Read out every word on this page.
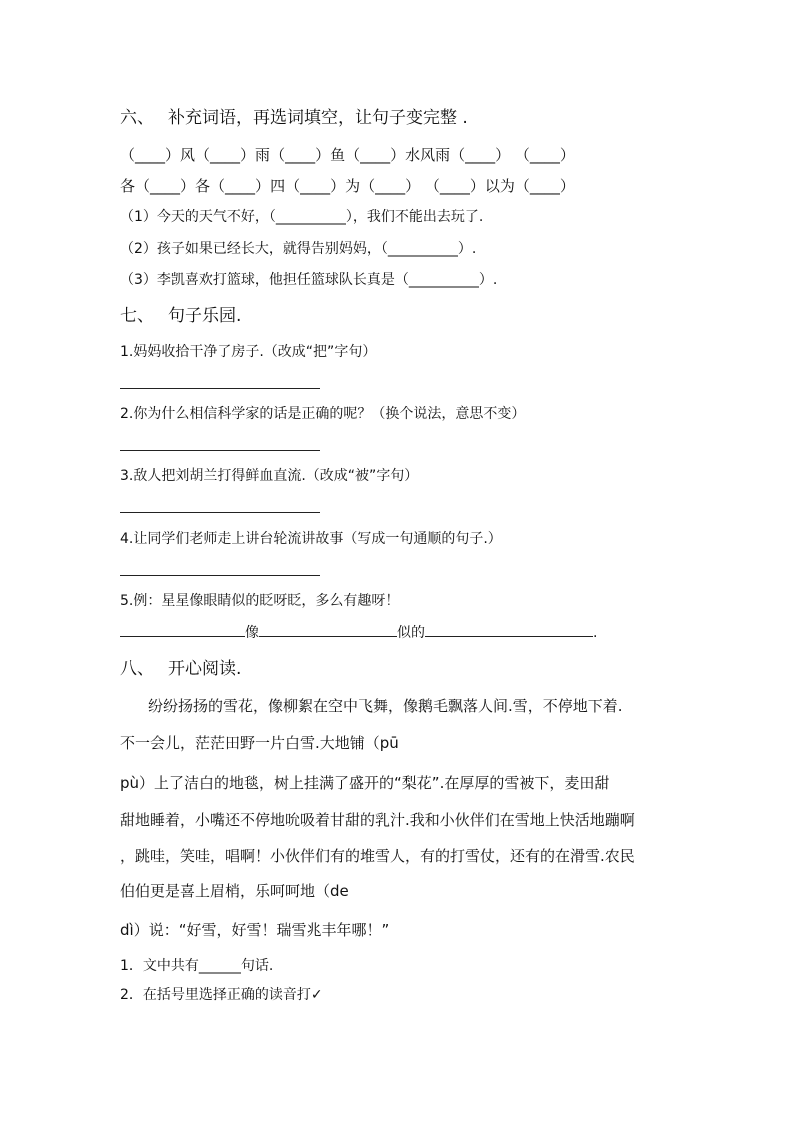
六、 补充词语，再选词填空，让句子变完整 .
（____）风（____）雨（____）鱼（____）水风雨（____） （____）
各（____）各（____）四（____）为（____） （____）以为（____）
（1）今天的天气不好，（__________），我们不能出去玩了.
（2）孩子如果已经长大，就得告别妈妈，（__________）.
（3）李凯喜欢打篮球，他担任篮球队长真是（__________）.
七、 句子乐园.
1.妈妈收拾干净了房子.（改成“把”字句）
2.你为什么相信科学家的话是正确的呢？（换个说法，意思不变）
3.敌人把刘胡兰打得鲜血直流.（改成“被”字句）
4.让同学们老师走上讲台轮流讲故事（写成一句通顺的句子.）
5.例：星星像眼睛似的眨呀眨，多么有趣呀！
像	似的	.
八、 开心阅读.
纷纷扬扬的雪花，像柳絮在空中飞舞，像鹅毛飘落人间.雪，不停地下着.
不一会儿，茫茫田野一片白雪.大地铺（pū
pù）上了洁白的地毯，树上挂满了盛开的“梨花”.在厚厚的雪被下，麦田甜
甜地睡着，小嘴还不停地吮吸着甘甜的乳汁.我和小伙伴们在雪地上快活地蹦啊
，跳哇，笑哇，唱啊！小伙伴们有的堆雪人，有的打雪仗，还有的在滑雪.农民
伯伯更是喜上眉梢，乐呵呵地（de
dì）说：“好雪，好雪！瑞雪兆丰年哪！”
1．文中共有______句话.
2．在括号里选择正确的读音打✓
